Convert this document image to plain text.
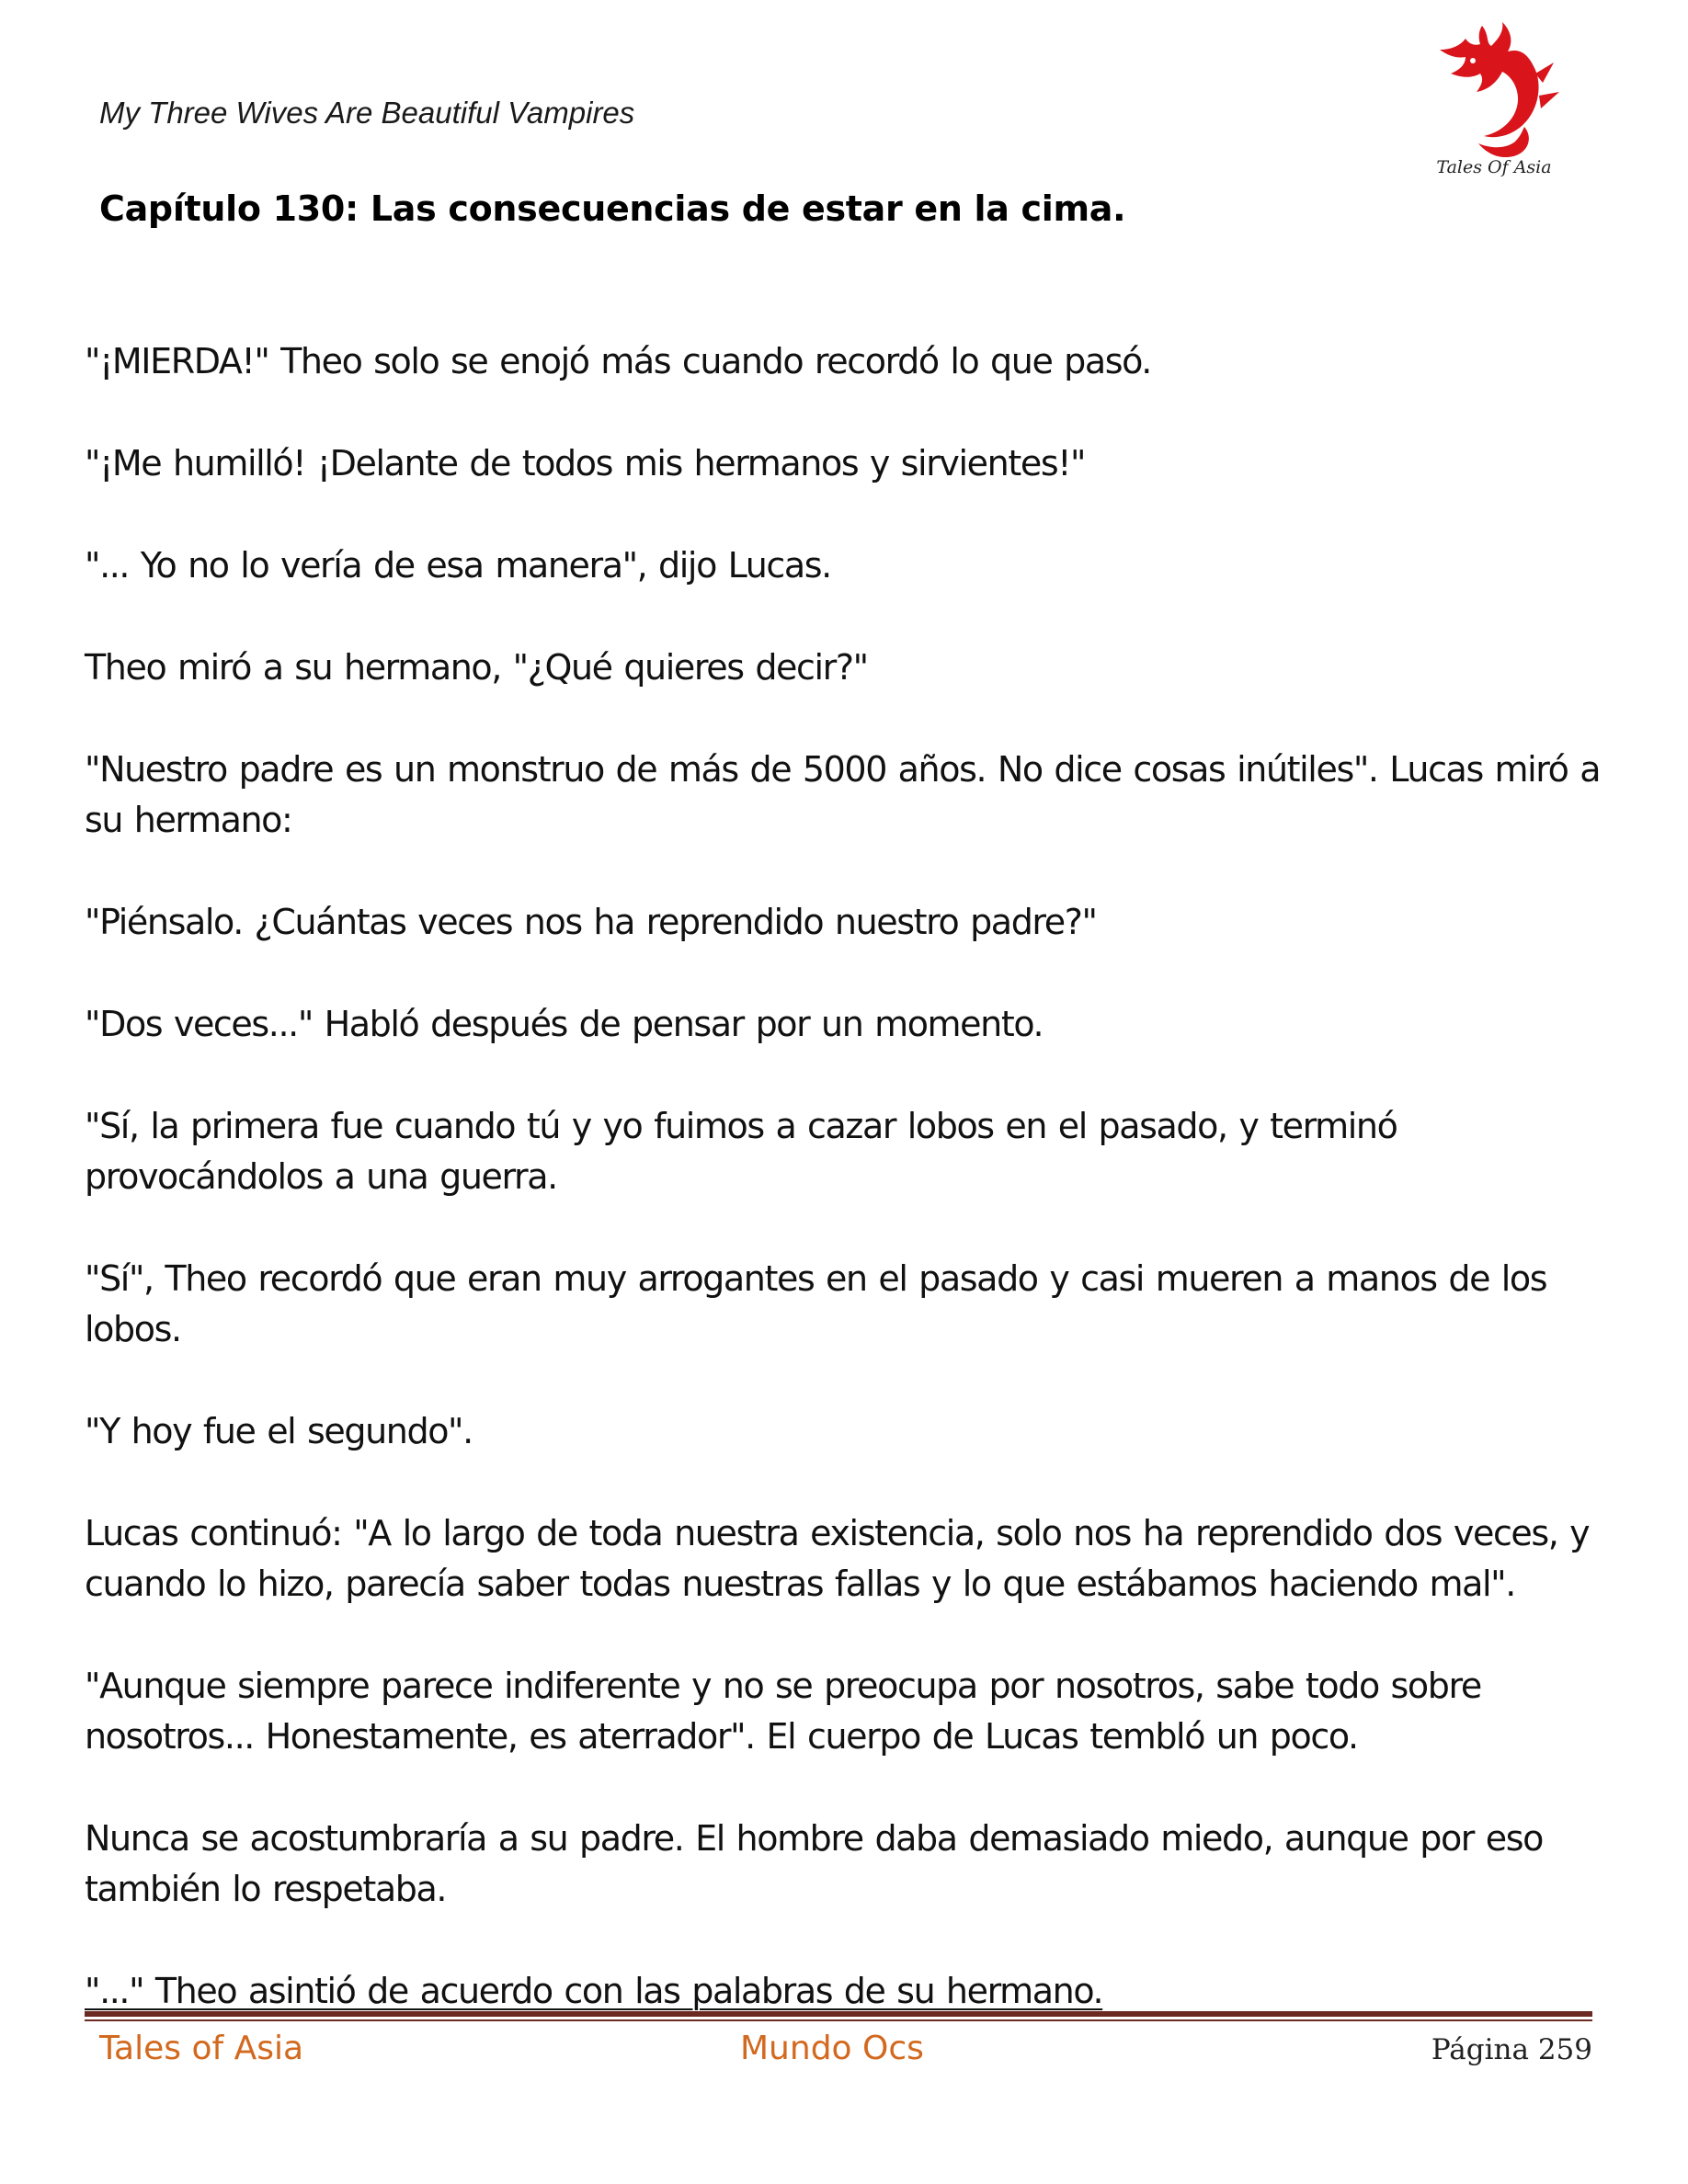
My Three Wives Are Beautiful Vampires
Tales Of Asia
Capítulo 130: Las consecuencias de estar en la cima.

"¡MIERDA!" Theo solo se enojó más cuando recordó lo que pasó.

"¡Me humilló! ¡Delante de todos mis hermanos y sirvientes!"

"... Yo no lo vería de esa manera", dijo Lucas.

Theo miró a su hermano, "¿Qué quieres decir?"

"Nuestro padre es un monstruo de más de 5000 años. No dice cosas inútiles". Lucas miró a su hermano:

"Piénsalo. ¿Cuántas veces nos ha reprendido nuestro padre?"

"Dos veces..." Habló después de pensar por un momento.

"Sí, la primera fue cuando tú y yo fuimos a cazar lobos en el pasado, y terminó provocándolos a una guerra.

"Sí", Theo recordó que eran muy arrogantes en el pasado y casi mueren a manos de los lobos.

"Y hoy fue el segundo".

Lucas continuó: "A lo largo de toda nuestra existencia, solo nos ha reprendido dos veces, y cuando lo hizo, parecía saber todas nuestras fallas y lo que estábamos haciendo mal".

"Aunque siempre parece indiferente y no se preocupa por nosotros, sabe todo sobre nosotros... Honestamente, es aterrador". El cuerpo de Lucas tembló un poco.

Nunca se acostumbraría a su padre. El hombre daba demasiado miedo, aunque por eso también lo respetaba.

"..." Theo asintió de acuerdo con las palabras de su hermano.

Tales of Asia	Mundo Ocs	Página 259
